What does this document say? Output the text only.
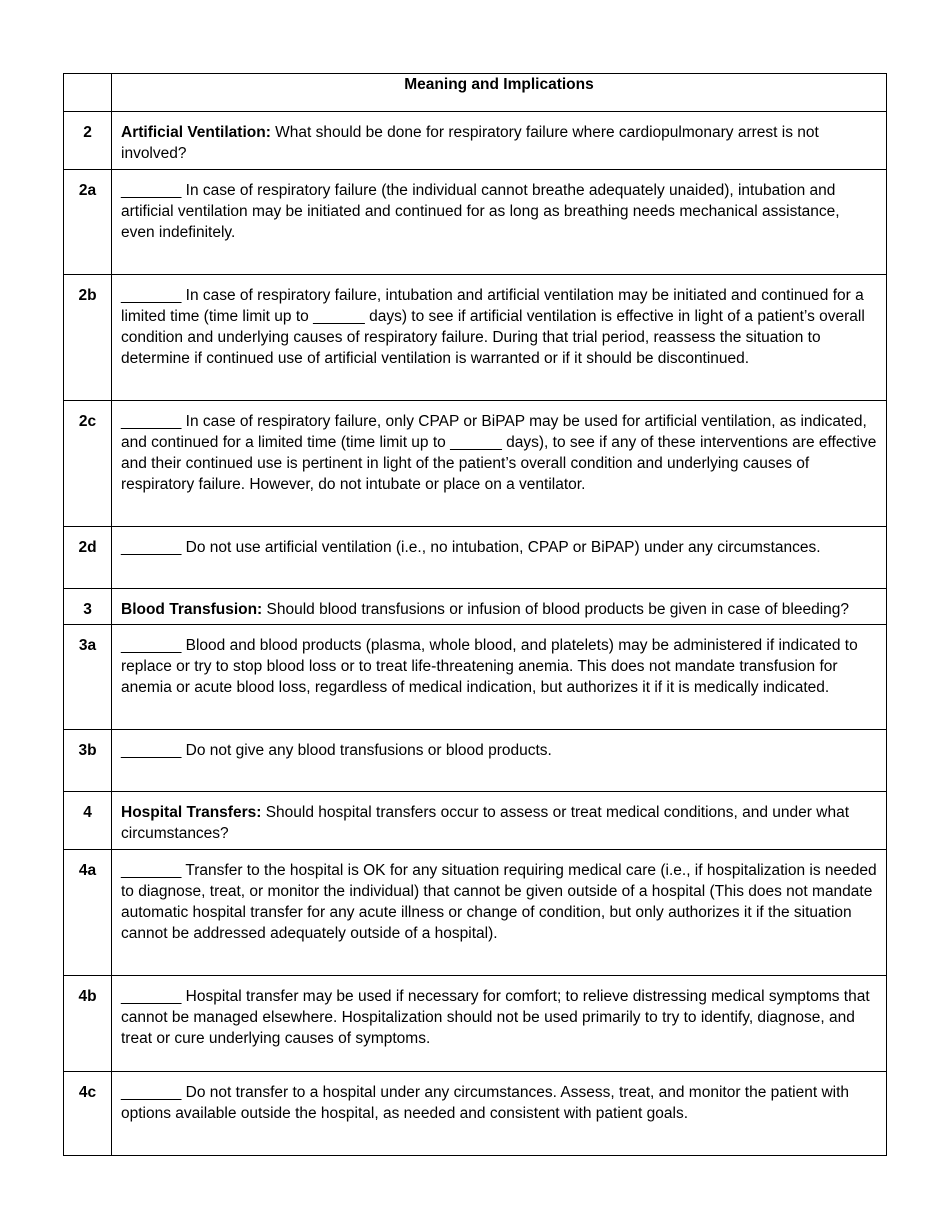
	Meaning and Implications

2	Artificial Ventilation: What should be done for respiratory failure where cardiopulmonary arrest is not involved?

2a	_______ In case of respiratory failure (the individual cannot breathe adequately unaided), intubation and artificial ventilation may be initiated and continued for as long as breathing needs mechanical assistance, even indefinitely.

2b	_______ In case of respiratory failure, intubation and artificial ventilation may be initiated and continued for a limited time (time limit up to ______ days) to see if artificial ventilation is effective in light of a patient’s overall condition and underlying causes of respiratory failure. During that trial period, reassess the situation to determine if continued use of artificial ventilation is warranted or if it should be discontinued.

2c	_______ In case of respiratory failure, only CPAP or BiPAP may be used for artificial ventilation, as indicated, and continued for a limited time (time limit up to ______ days), to see if any of these interventions are effective and their continued use is pertinent in light of the patient’s overall condition and underlying causes of respiratory failure. However, do not intubate or place on a ventilator.

2d	_______ Do not use artificial ventilation (i.e., no intubation, CPAP or BiPAP) under any circumstances.

3	Blood Transfusion: Should blood transfusions or infusion of blood products be given in case of bleeding?

3a	_______ Blood and blood products (plasma, whole blood, and platelets) may be administered if indicated to replace or try to stop blood loss or to treat life-threatening anemia. This does not mandate transfusion for anemia or acute blood loss, regardless of medical indication, but authorizes it if it is medically indicated.

3b	_______ Do not give any blood transfusions or blood products.

4	Hospital Transfers: Should hospital transfers occur to assess or treat medical conditions, and under what circumstances?

4a	_______ Transfer to the hospital is OK for any situation requiring medical care (i.e., if hospitalization is needed to diagnose, treat, or monitor the individual) that cannot be given outside of a hospital (This does not mandate automatic hospital transfer for any acute illness or change of condition, but only authorizes it if the situation cannot be addressed adequately outside of a hospital).

4b	_______ Hospital transfer may be used if necessary for comfort; to relieve distressing medical symptoms that cannot be managed elsewhere. Hospitalization should not be used primarily to try to identify, diagnose, and treat or cure underlying causes of symptoms.

4c	_______ Do not transfer to a hospital under any circumstances. Assess, treat, and monitor the patient with options available outside the hospital, as needed and consistent with patient goals.
